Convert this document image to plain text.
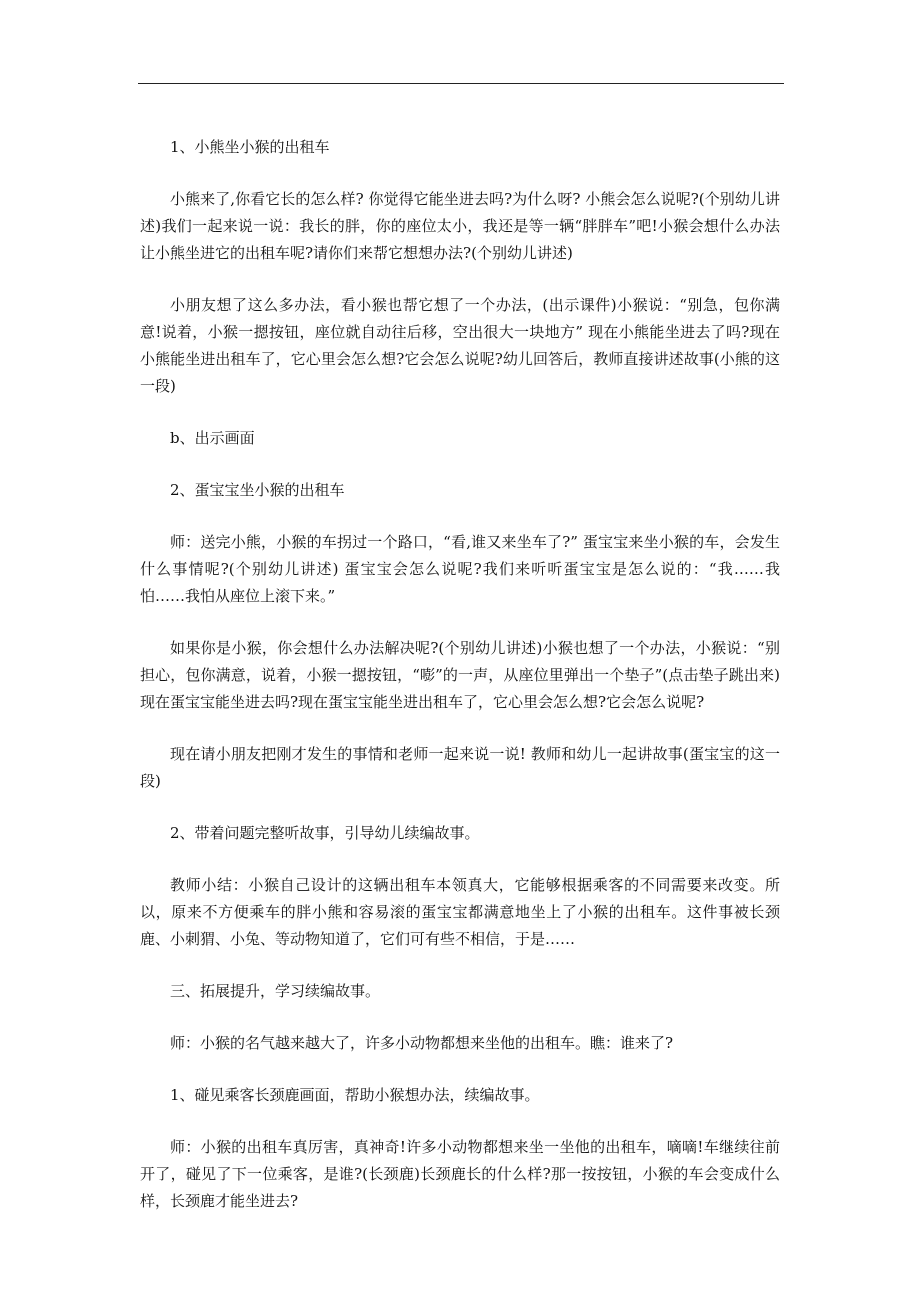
1、小熊坐小猴的出租车

小熊来了,你看它长的怎么样? 你觉得它能坐进去吗?为什么呀? 小熊会怎么说呢?(个别幼儿讲述)我们一起来说一说：我长的胖，你的座位太小，我还是等一辆“胖胖车”吧!小猴会想什么办法让小熊坐进它的出租车呢?请你们来帮它想想办法?(个别幼儿讲述)

小朋友想了这么多办法，看小猴也帮它想了一个办法，(出示课件)小猴说：“别急，包你满意!说着，小猴一摁按钮，座位就自动往后移，空出很大一块地方” 现在小熊能坐进去了吗?现在小熊能坐进出租车了，它心里会怎么想?它会怎么说呢?幼儿回答后，教师直接讲述故事(小熊的这一段)

b、出示画面

2、蛋宝宝坐小猴的出租车

师：送完小熊，小猴的车拐过一个路口，“看,谁又来坐车了?” 蛋宝宝来坐小猴的车，会发生什么事情呢?(个别幼儿讲述) 蛋宝宝会怎么说呢?我们来听听蛋宝宝是怎么说的：“我……我怕……我怕从座位上滚下来。”

如果你是小猴，你会想什么办法解决呢?(个别幼儿讲述)小猴也想了一个办法，小猴说：“别担心，包你满意，说着，小猴一摁按钮，“嘭”的一声，从座位里弹出一个垫子”(点击垫子跳出来) 现在蛋宝宝能坐进去吗?现在蛋宝宝能坐进出租车了，它心里会怎么想?它会怎么说呢?

现在请小朋友把刚才发生的事情和老师一起来说一说! 教师和幼儿一起讲故事(蛋宝宝的这一段)

2、带着问题完整听故事，引导幼儿续编故事。

教师小结：小猴自己设计的这辆出租车本领真大，它能够根据乘客的不同需要来改变。所以，原来不方便乘车的胖小熊和容易滚的蛋宝宝都满意地坐上了小猴的出租车。这件事被长颈鹿、小刺猬、小兔、等动物知道了，它们可有些不相信，于是……

三、拓展提升，学习续编故事。

师：小猴的名气越来越大了，许多小动物都想来坐他的出租车。瞧：谁来了?

1、碰见乘客长颈鹿画面，帮助小猴想办法，续编故事。

师：小猴的出租车真厉害，真神奇!许多小动物都想来坐一坐他的出租车，嘀嘀!车继续往前开了，碰见了下一位乘客，是谁?(长颈鹿)长颈鹿长的什么样?那一按按钮，小猴的车会变成什么样，长颈鹿才能坐进去?
